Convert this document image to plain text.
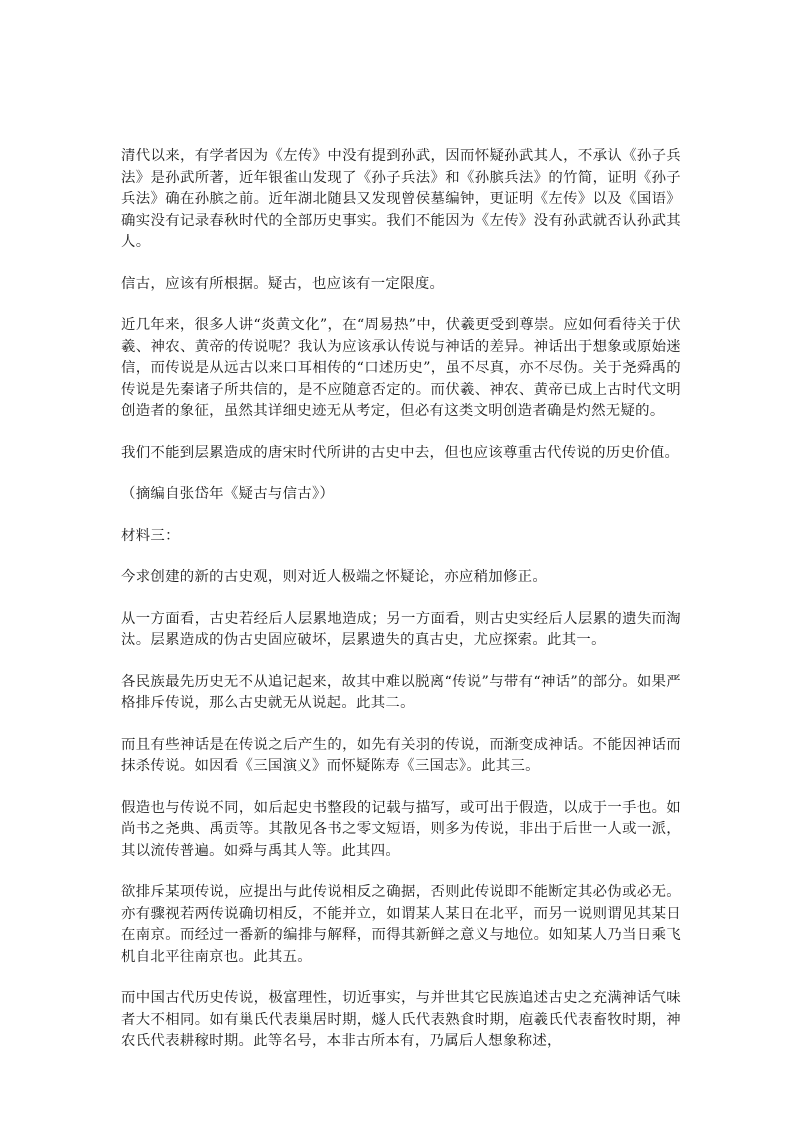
清代以来，有学者因为《左传》中没有提到孙武，因而怀疑孙武其人，不承认《孙子兵法》是孙武所著，近年银雀山发现了《孙子兵法》和《孙膑兵法》的竹简，证明《孙子兵法》确在孙膑之前。近年湖北随县又发现曾侯墓编钟，更证明《左传》以及《国语》确实没有记录春秋时代的全部历史事实。我们不能因为《左传》没有孙武就否认孙武其人。

信古，应该有所根据。疑古，也应该有一定限度。

近几年来，很多人讲“炎黄文化”，在“周易热”中，伏羲更受到尊崇。应如何看待关于伏羲、神农、黄帝的传说呢？我认为应该承认传说与神话的差异。神话出于想象或原始迷信，而传说是从远古以来口耳相传的“口述历史”，虽不尽真，亦不尽伪。关于尧舜禹的传说是先秦诸子所共信的，是不应随意否定的。而伏羲、神农、黄帝已成上古时代文明创造者的象征，虽然其详细史迹无从考定，但必有这类文明创造者确是灼然无疑的。

我们不能到层累造成的唐宋时代所讲的古史中去，但也应该尊重古代传说的历史价值。

（摘编自张岱年《疑古与信古》）

材料三：

今求创建的新的古史观，则对近人极端之怀疑论，亦应稍加修正。

从一方面看，古史若经后人层累地造成；另一方面看，则古史实经后人层累的遗失而淘汰。层累造成的伪古史固应破坏，层累遗失的真古史，尤应探索。此其一。

各民族最先历史无不从追记起来，故其中难以脱离“传说”与带有“神话”的部分。如果严格排斥传说，那么古史就无从说起。此其二。

而且有些神话是在传说之后产生的，如先有关羽的传说，而渐变成神话。不能因神话而抹杀传说。如因看《三国演义》而怀疑陈寿《三国志》。此其三。

假造也与传说不同，如后起史书整段的记载与描写，或可出于假造，以成于一手也。如尚书之尧典、禹贡等。其散见各书之零文短语，则多为传说，非出于后世一人或一派，其以流传普遍。如舜与禹其人等。此其四。

欲排斥某项传说，应提出与此传说相反之确据，否则此传说即不能断定其必伪或必无。亦有骤视若两传说确切相反，不能并立，如谓某人某日在北平，而另一说则谓见其某日在南京。而经过一番新的编排与解释，而得其新鲜之意义与地位。如知某人乃当日乘飞机自北平往南京也。此其五。

而中国古代历史传说，极富理性，切近事实，与并世其它民族追述古史之充满神话气味者大不相同。如有巢氏代表巢居时期，燧人氏代表熟食时期，庖羲氏代表畜牧时期，神农氏代表耕稼时期。此等名号，本非古所本有，乃属后人想象称述，
